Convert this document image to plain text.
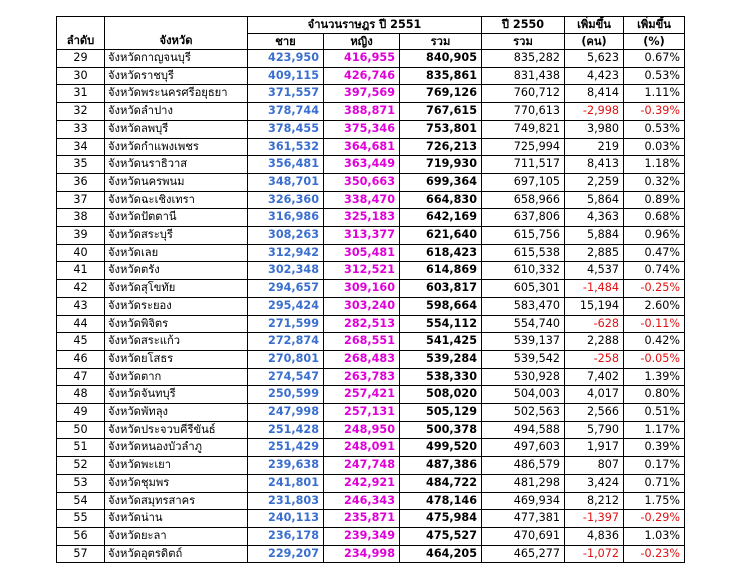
ลำดับ	จังหวัด	จำนวนราษฎร ปี 2551			ปี 2550	เพิ่มขึ้น	เพิ่มขึ้น
		ชาย	หญิง	รวม	รวม	(คน)	(%)
29	จังหวัดกาญจนบุรี	423,950	416,955	840,905	835,282	5,623	0.67%
30	จังหวัดราชบุรี	409,115	426,746	835,861	831,438	4,423	0.53%
31	จังหวัดพระนครศรีอยุธยา	371,557	397,569	769,126	760,712	8,414	1.11%
32	จังหวัดลำปาง	378,744	388,871	767,615	770,613	-2,998	-0.39%
33	จังหวัดลพบุรี	378,455	375,346	753,801	749,821	3,980	0.53%
34	จังหวัดกำแพงเพชร	361,532	364,681	726,213	725,994	219	0.03%
35	จังหวัดนราธิวาส	356,481	363,449	719,930	711,517	8,413	1.18%
36	จังหวัดนครพนม	348,701	350,663	699,364	697,105	2,259	0.32%
37	จังหวัดฉะเชิงเทรา	326,360	338,470	664,830	658,966	5,864	0.89%
38	จังหวัดปัตตานี	316,986	325,183	642,169	637,806	4,363	0.68%
39	จังหวัดสระบุรี	308,263	313,377	621,640	615,756	5,884	0.96%
40	จังหวัดเลย	312,942	305,481	618,423	615,538	2,885	0.47%
41	จังหวัดตรัง	302,348	312,521	614,869	610,332	4,537	0.74%
42	จังหวัดสุโขทัย	294,657	309,160	603,817	605,301	-1,484	-0.25%
43	จังหวัดระยอง	295,424	303,240	598,664	583,470	15,194	2.60%
44	จังหวัดพิจิตร	271,599	282,513	554,112	554,740	-628	-0.11%
45	จังหวัดสระแก้ว	272,874	268,551	541,425	539,137	2,288	0.42%
46	จังหวัดยโสธร	270,801	268,483	539,284	539,542	-258	-0.05%
47	จังหวัดตาก	274,547	263,783	538,330	530,928	7,402	1.39%
48	จังหวัดจันทบุรี	250,599	257,421	508,020	504,003	4,017	0.80%
49	จังหวัดพัทลุง	247,998	257,131	505,129	502,563	2,566	0.51%
50	จังหวัดประจวบคีรีขันธ์	251,428	248,950	500,378	494,588	5,790	1.17%
51	จังหวัดหนองบัวลำภู	251,429	248,091	499,520	497,603	1,917	0.39%
52	จังหวัดพะเยา	239,638	247,748	487,386	486,579	807	0.17%
53	จังหวัดชุมพร	241,801	242,921	484,722	481,298	3,424	0.71%
54	จังหวัดสมุทรสาคร	231,803	246,343	478,146	469,934	8,212	1.75%
55	จังหวัดน่าน	240,113	235,871	475,984	477,381	-1,397	-0.29%
56	จังหวัดยะลา	236,178	239,349	475,527	470,691	4,836	1.03%
57	จังหวัดอุตรดิตถ์	229,207	234,998	464,205	465,277	-1,072	-0.23%
